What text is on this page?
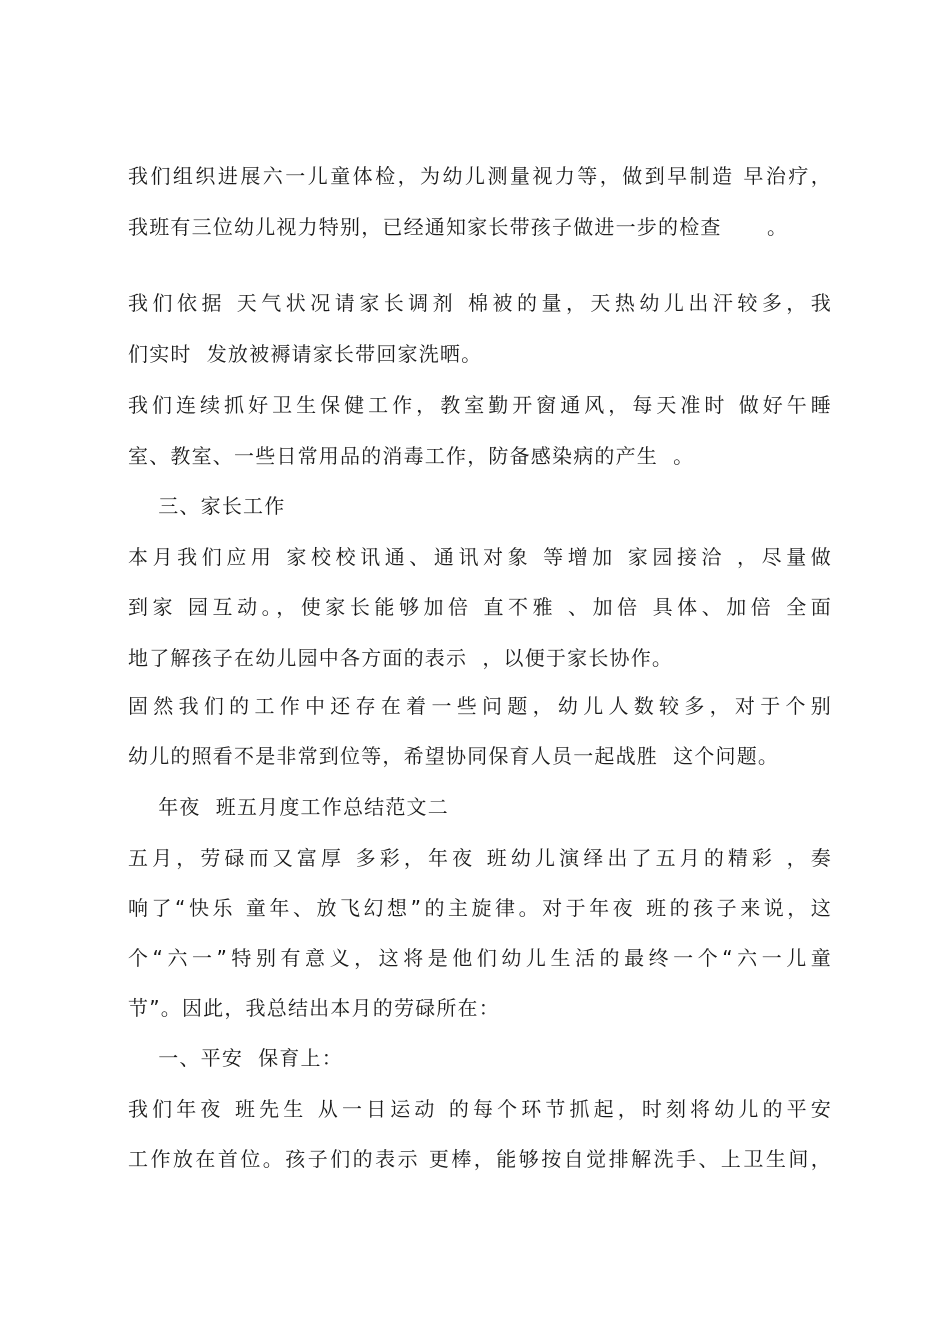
我们组织进展六一儿童体检，为幼儿测量视力等，做到早制造 早治疗，
我班有三位幼儿视力特别，已经通知家长带孩子做进一步的检查      。
我们依据 天气状况请家长调剂 棉被的量，天热幼儿出汗较多，我
们实时  发放被褥请家长带回家洗晒。
我们连续抓好卫生保健工作，教室勤开窗通风，每天准时 做好午睡
室、教室、一些日常用品的消毒工作，防备感染病的产生  。
三、家长工作
本月我们应用 家校校讯通、通讯对象 等增加 家园接洽 ，尽量做
到家 园互动。，使家长能够加倍 直不雅 、加倍 具体、加倍 全面
地了解孩子在幼儿园中各方面的表示  ，以便于家长协作。
固然我们的工作中还存在着一些问题，幼儿人数较多，对于个别
幼儿的照看不是非常到位等，希望协同保育人员一起战胜  这个问题。
年夜  班五月度工作总结范文二
五月，劳碌而又富厚 多彩，年夜 班幼儿演绎出了五月的精彩 ，奏
响了“快乐 童年、放飞幻想”的主旋律。对于年夜 班的孩子来说，这
个“六一”特别有意义，这将是他们幼儿生活的最终一个“六一儿童
节”。因此，我总结出本月的劳碌所在：
一、平安  保育上：
我们年夜 班先生 从一日运动 的每个环节抓起，时刻将幼儿的平安
工作放在首位。孩子们的表示 更棒，能够按自觉排解洗手、上卫生间，
